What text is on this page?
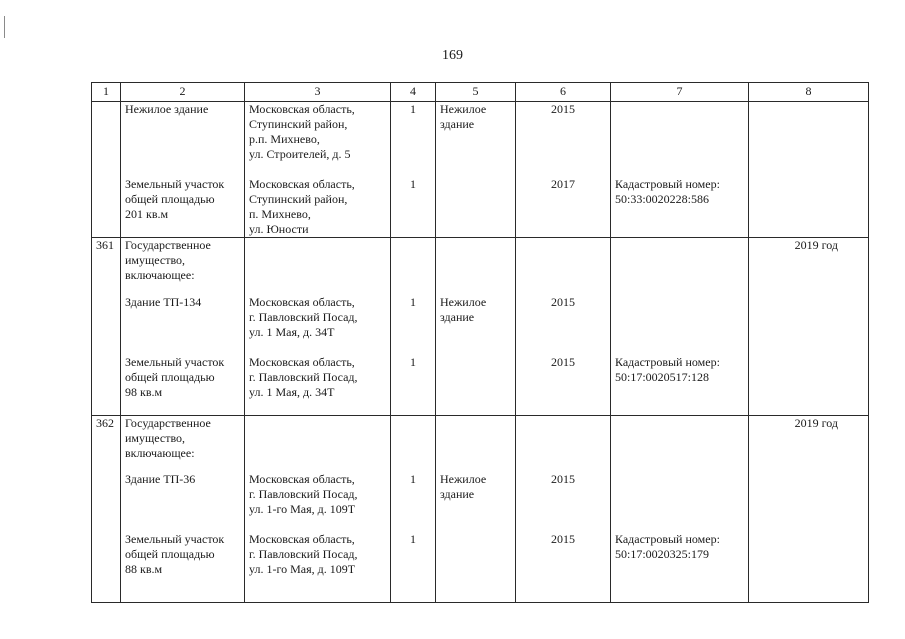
169
1	2	3	4	5	6	7	8

	Нежилое здание	Московская область,
Ступинский район,
р.п. Михнево,
ул. Строителей, д. 5	1	Нежилое
здание	2015		

	Земельный участок
общей площадью
201 кв.м	Московская область,
Ступинский район,
п. Михнево,
ул. Юности	1		2017	Кадастровый номер:
50:33:0020228:586	

361	Государственное
имущество,
включающее:						2019 год

	Здание ТП-134	Московская область,
г. Павловский Посад,
ул. 1 Мая, д. 34Т	1	Нежилое
здание	2015		

	Земельный участок
общей площадью
98 кв.м	Московская область,
г. Павловский Посад,
ул. 1 Мая, д. 34Т	1		2015	Кадастровый номер:
50:17:0020517:128	

362	Государственное
имущество,
включающее:						2019 год

	Здание ТП-36	Московская область,
г. Павловский Посад,
ул. 1-го Мая, д. 109Т	1	Нежилое
здание	2015		

	Земельный участок
общей площадью
88 кв.м	Московская область,
г. Павловский Посад,
ул. 1-го Мая, д. 109Т	1		2015	Кадастровый номер:
50:17:0020325:179	
